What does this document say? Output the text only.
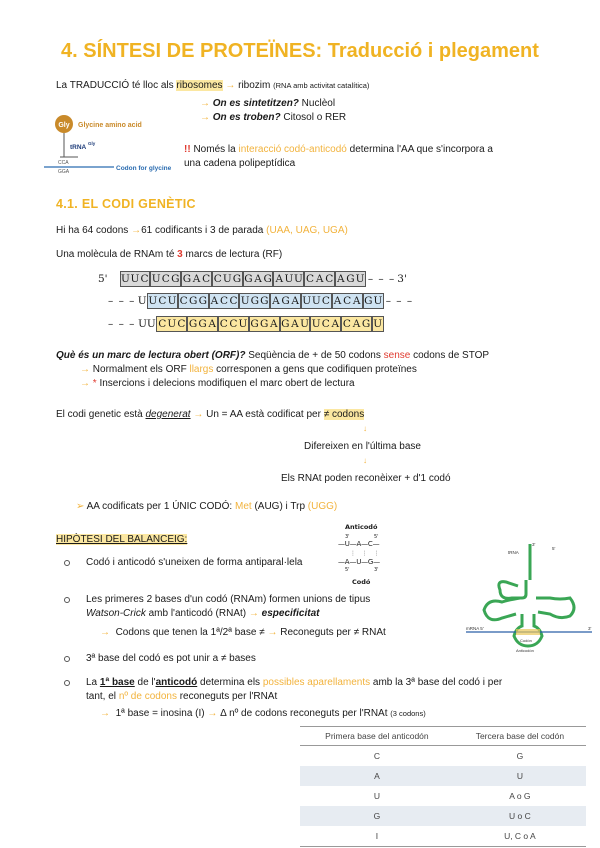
4. SÍNTESI DE PROTEÏNES: Traducció i plegament
La TRADUCCIÓ té lloc als ribosomes → ribozim (RNA amb activitat catalítica)
→ On es sintetitzen? Nuclèol
→ On es troben? Citosol o RER
Gly Glycine amino acid
tRNA
Gly
CCA
GGA	Codon for glycine
!! Només la interacció codó-anticodó determina l'AA que s'incorpora a
una cadena polipeptídica
4.1. EL CODI GENÈTIC
Hi ha 64 codons →61 codificants i 3 de parada (UAA, UAG, UGA)
Una molècula de RNAm té 3 marcs de lectura (RF)
5' U U C U C G G A C C U G G A G A U U C A C A G U – – – 3'
– – – U U C U C G G A C C U G G A G A U U C A C A G U – – –
– – – UU C U C G G A C C U G G A G A U U C A C A G U
Què és un marc de lectura obert (ORF)? Seqüència de + de 50 codons sense codons de STOP
→ Normalment els ORF llargs corresponen a gens que codifiquen proteïnes
→ * Insercions i delecions modifiquen el marc obert de lectura
El codi genetic està degenerat → Un = AA està codificat per ≠ codons
↓
Difereixen en l'última base
↓
Els RNAt poden reconèixer + d'1 codó
➢ AA codificats per 1 ÚNIC CODÓ: Met (AUG) i Trp (UGG)
HIPÒTESI DEL BALANCEIG:
Anticodó
3'	5'
—U—A—C—
⋮   ⋮   ⋮
—A—U—G—
5'	3'
Codó
Codó i anticodó s'uneixen de forma antiparal·lela
Les primeres 2 bases d'un codó (RNAm) formen unions de tipus
Watson-Crick amb l'anticodó (RNAt) → especificitat
→  Codons que tenen la 1ª/2ª base ≠ → Reconeguts per ≠ RNAt
3ª base del codó es pot unir a ≠ bases
La 1ª base de l'anticodó determina els possibles aparellaments amb la 3ª base del codó i per
tant, el nº de codons reconeguts per l'RNAt
→  1ª base = inosina (I) → Δ nº de codons reconeguts per l'RNAt (3 codons)
mRNA 5'	3'
3'
tRNA
Codón
Anticodón
5'
Primera base del anticodón	Tercera base del codón
C	G
A	U
U	A o G
G	U o C
I	U, C o A
